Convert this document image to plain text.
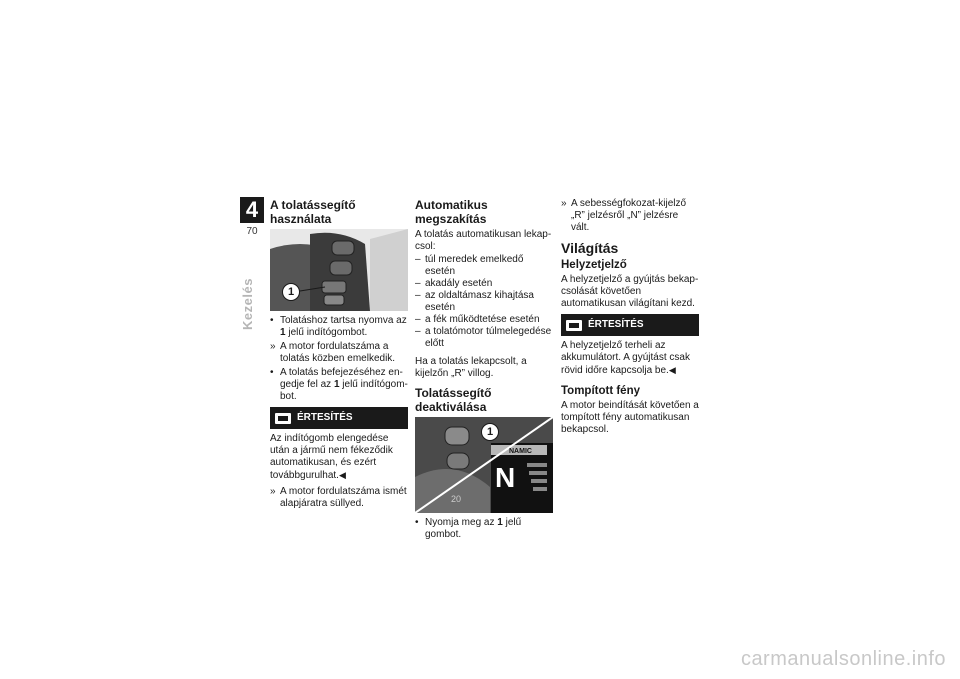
4
70
Kezelés
A tolatássegítő használata
1
• Tolatáshoz tartsa nyomva az 1 jelű indítógombot.
» A motor fordulatszáma a tolatás közben emelkedik.
• A tolatás befejezéséhez engedje fel az 1 jelű indítógombot.
ÉRTESÍTÉS

Az indítógomb elengedése után a jármű nem fékeződik automatikusan, és ezért továbbgurulhat.◀

» A motor fordulatszáma ismét alapjáratra süllyed.
Automatikus megszakítás

A tolatás automatikusan lekapcsol:

– túl meredek emelkedő esetén
– akadály esetén
– az oldaltámasz kihajtása esetén
– a fék működtetése esetén
– a tolatómotor túlmelegedése előtt

Ha a tolatás lekapcsolt, a kijelzőn „R” villog.

Tolatássegítő deaktiválása
1
NAMIC
N
20
• Nyomja meg az 1 jelű gombot.
» A sebességfokozat-kijelző „R” jelzésről „N” jelzésre vált.
Világítás
Helyzetjelző

A helyzetjelző a gyújtás bekapcsolását követően automatikusan világítani kezd.

ÉRTESÍTÉS

A helyzetjelző terheli az akkumulátort. A gyújtást csak rövid időre kapcsolja be.◀

Tompított fény

A motor beindítását követően a tompított fény automatikusan bekapcsol.

carmanualsonline.info
